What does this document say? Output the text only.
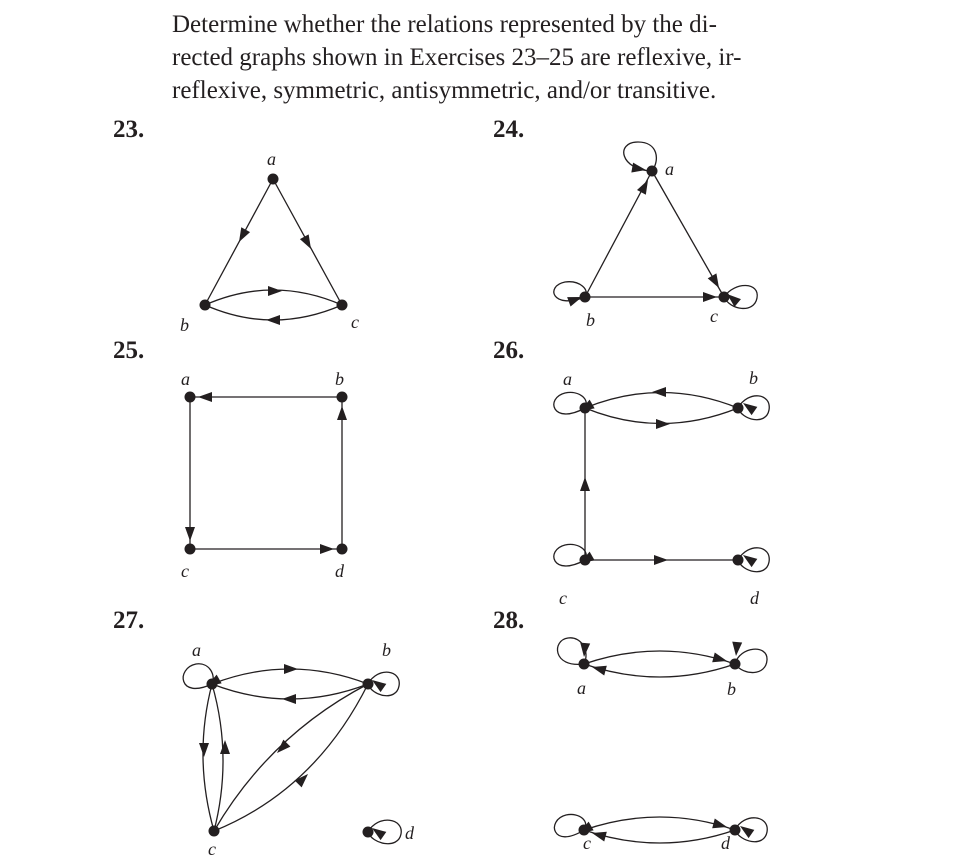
Determine whether the relations represented by the di-
rected graphs shown in Exercises 23–25 are reflexive, ir-
reflexive, symmetric, antisymmetric, and/or transitive.
23.
a
b	c
24.
a
b	c
25.
a	b
c	d
26.
a	b
c	d
27.
a	b
c
d
28.
a	b
c	d
